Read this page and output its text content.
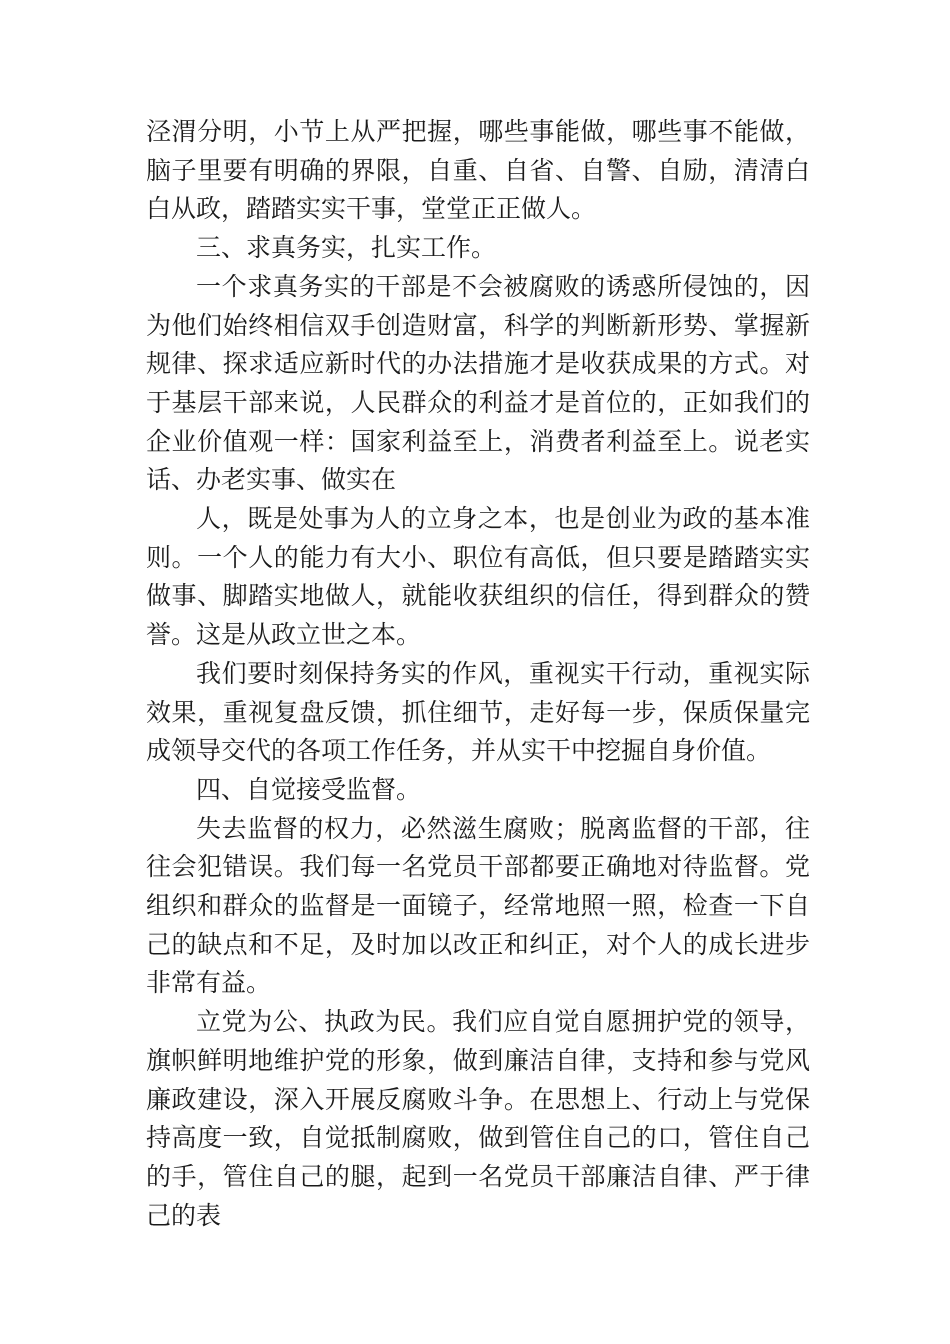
泾渭分明，小节上从严把握，哪些事能做，哪些事不能做，脑子里要有明确的界限，自重、自省、自警、自励，清清白白从政，踏踏实实干事，堂堂正正做人。

三、求真务实，扎实工作。

一个求真务实的干部是不会被腐败的诱惑所侵蚀的，因为他们始终相信双手创造财富，科学的判断新形势、掌握新规律、探求适应新时代的办法措施才是收获成果的方式。对于基层干部来说，人民群众的利益才是首位的，正如我们的企业价值观一样：国家利益至上，消费者利益至上。说老实话、办老实事、做实在

人，既是处事为人的立身之本，也是创业为政的基本准则。一个人的能力有大小、职位有高低，但只要是踏踏实实做事、脚踏实地做人，就能收获组织的信任，得到群众的赞誉。这是从政立世之本。

我们要时刻保持务实的作风，重视实干行动，重视实际效果，重视复盘反馈，抓住细节，走好每一步，保质保量完成领导交代的各项工作任务，并从实干中挖掘自身价值。

四、自觉接受监督。

失去监督的权力，必然滋生腐败；脱离监督的干部，往往会犯错误。我们每一名党员干部都要正确地对待监督。党组织和群众的监督是一面镜子，经常地照一照，检查一下自己的缺点和不足，及时加以改正和纠正，对个人的成长进步非常有益。

立党为公、执政为民。我们应自觉自愿拥护党的领导，旗帜鲜明地维护党的形象，做到廉洁自律，支持和参与党风廉政建设，深入开展反腐败斗争。在思想上、行动上与党保持高度一致，自觉抵制腐败，做到管住自己的口，管住自己的手，管住自己的腿，起到一名党员干部廉洁自律、严于律己的表
